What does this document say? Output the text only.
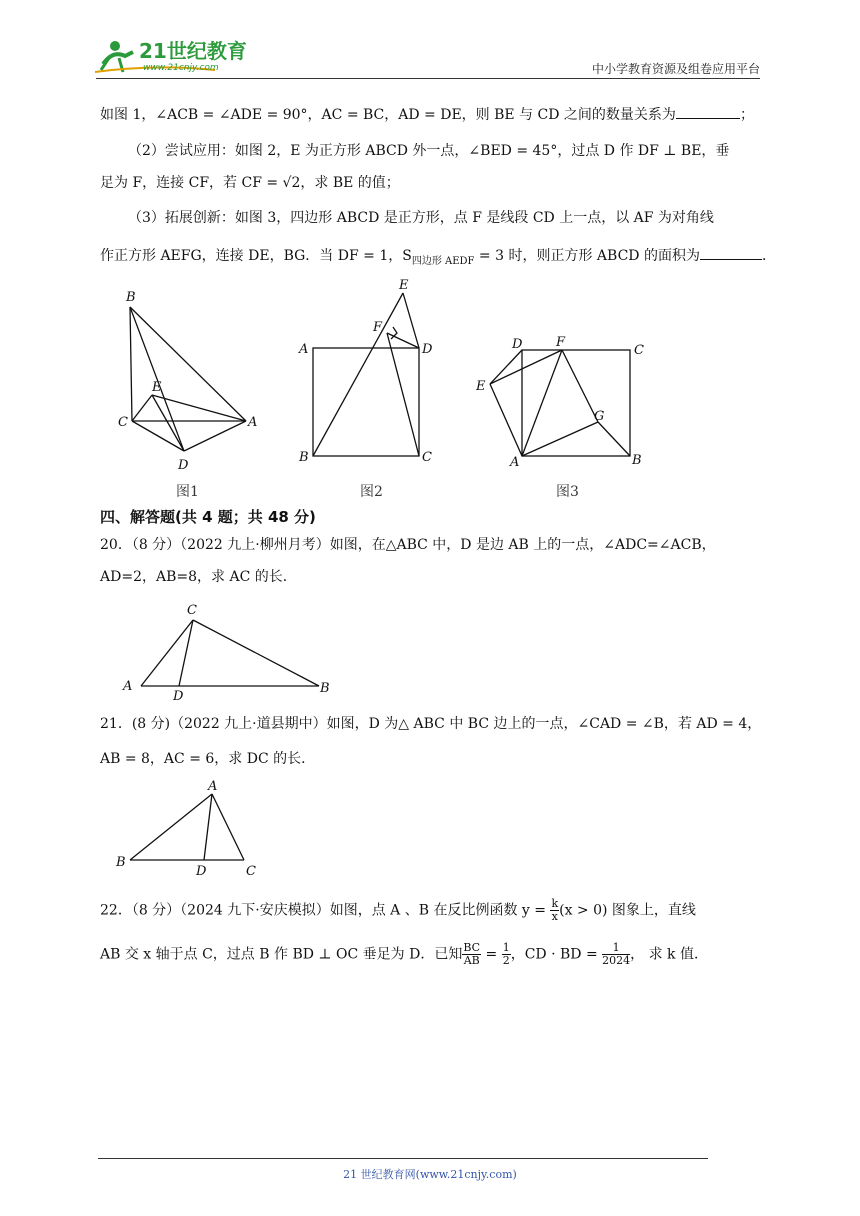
21世纪教育
www.21cnjy.com	中小学教育资源及组卷应用平台
如图 1，∠ACB = ∠ADE = 90°，AC = BC，AD = DE，则 BE 与 CD 之间的数量关系为	；
（2）尝试应用：如图 2，E 为正方形 ABCD 外一点，∠BED = 45°，过点 D 作 DF ⊥ BE，垂
足为 F，连接 CF，若 CF = √2，求 BE 的值；
（3）拓展创新：如图 3，四边形 ABCD 是正方形，点 F 是线段 CD 上一点，以 AF 为对角线
作正方形 AEFG，连接 DE，BG．当 DF = 1，$S_{四边形 AEDF} = 3$ 时，则正方形 ABCD 的面积为	．
B
C	A
D
E
图1
E
F
A	D
B	C
图2
D	F
C
E
G
A	B
图3
四、解答题(共 4 题；共 48 分)
20．（8 分）（2022 九上·柳州月考）如图，在△ABC 中，D 是边 AB 上的一点，∠ADC=∠ACB，
AD=2，AB=8，求 AC 的长．
C
A
D
B
21．(8 分)（2022 九上·道县期中）如图，D 为△ ABC 中 BC 边上的一点，∠CAD = ∠B，若 AD = 4，
AB = 8，AC = 6，求 DC 的长．
A
B
D	C
22．（8 分）（2024 九下·安庆模拟）如图，点 A 、B 在反比例函数 $y = \frac{k}{x} (x > 0)$ 图象上，直线
AB 交 x 轴于点 C，过点 B 作 BD ⊥ OC 垂足为 D．已知 $\frac{BC}{AB} = \frac{1}{2}$ ，CD · BD = $\frac{1}{2024}$ ， 求 k 值．
21 世纪教育网(www.21cnjy.com)
